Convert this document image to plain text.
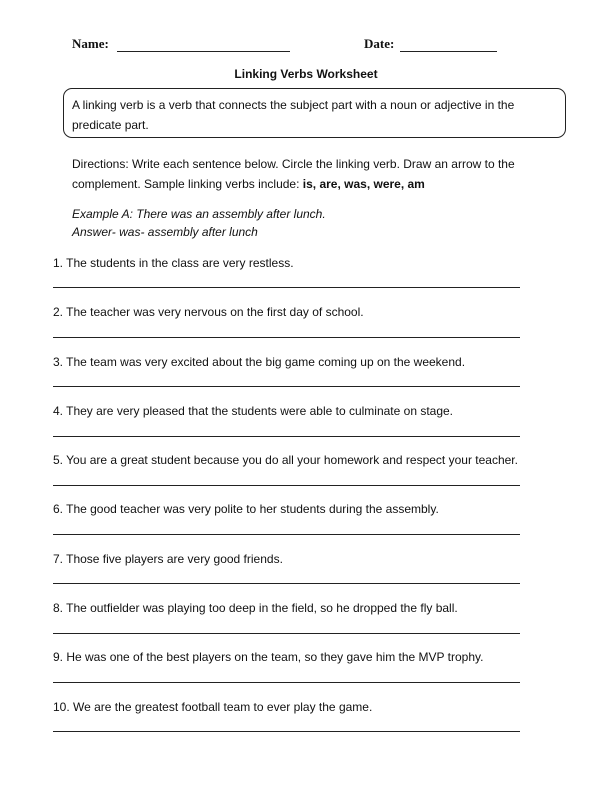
Name:	Date:
Linking Verbs Worksheet
A linking verb is a verb that connects the subject part with a noun or adjective in the predicate part.
Directions: Write each sentence below. Circle the linking verb. Draw an arrow to the complement. Sample linking verbs include: is, are, was, were, am
Example A: There was an assembly after lunch.
Answer- was- assembly after lunch
1. The students in the class are very restless.
2. The teacher was very nervous on the first day of school.
3. The team was very excited about the big game coming up on the weekend.
4. They are very pleased that the students were able to culminate on stage.
5. You are a great student because you do all your homework and respect your teacher.
6. The good teacher was very polite to her students during the assembly.
7. Those five players are very good friends.
8. The outfielder was playing too deep in the field, so he dropped the fly ball.
9. He was one of the best players on the team, so they gave him the MVP trophy.
10. We are the greatest football team to ever play the game.
